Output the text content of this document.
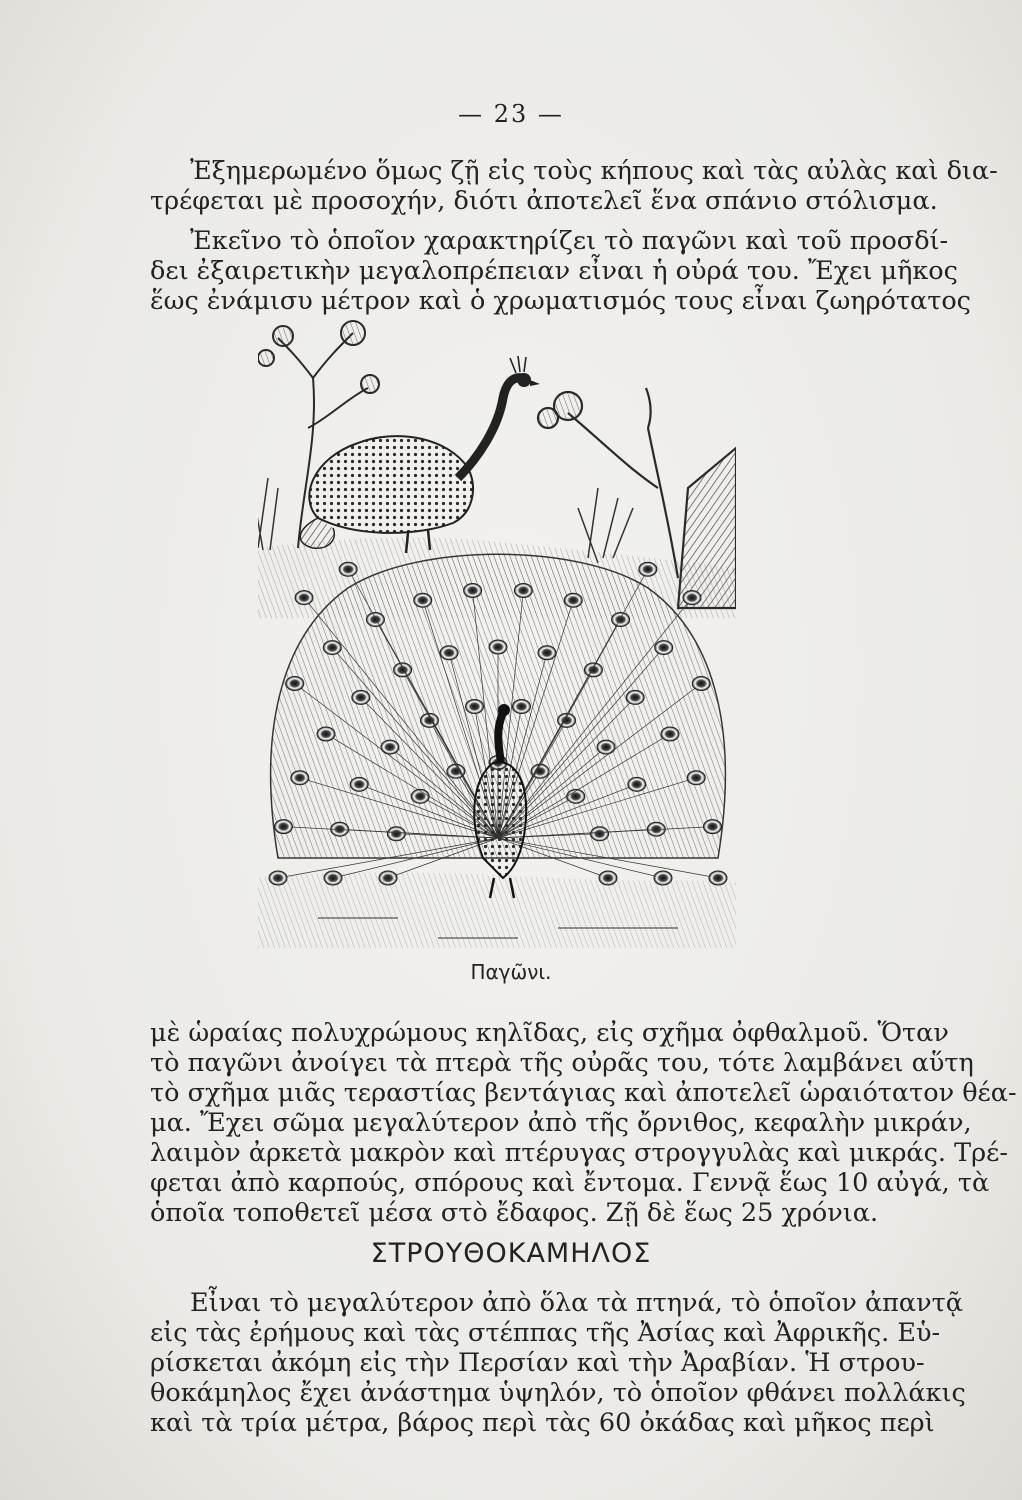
— 23 —
Ἐξημερωμένο ὅμως ζῇ εἰς τοὺς κήπους καὶ τὰς αὐλὰς καὶ δια-
τρέφεται μὲ προσοχήν, διότι ἀποτελεῖ ἕνα σπάνιο στόλισμα.
Ἐκεῖνο τὸ ὁποῖον χαρακτηρίζει τὸ παγῶνι καὶ τοῦ προσδί-
δει ἐξαιρετικὴν μεγαλοπρέπειαν εἶναι ἡ οὐρά του. Ἔχει μῆκος
ἕως ἐνάμισυ μέτρον καὶ ὁ χρωματισμός τους εἶναι ζωηρότατος
Παγῶνι.
μὲ ὡραίας πολυχρώμους κηλῖδας, εἰς σχῆμα ὀφθαλμοῦ. Ὅταν
τὸ παγῶνι ἀνοίγει τὰ πτερὰ τῆς οὐρᾶς του, τότε λαμβάνει αὕτη
τὸ σχῆμα μιᾶς τεραστίας βεντάγιας καὶ ἀποτελεῖ ὡραιότατον θέα-
μα. Ἔχει σῶμα μεγαλύτερον ἀπὸ τῆς ὄρνιθος, κεφαλὴν μικράν,
λαιμὸν ἀρκετὰ μακρὸν καὶ πτέρυγας στρογγυλὰς καὶ μικράς. Τρέ-
φεται ἀπὸ καρπούς, σπόρους καὶ ἔντομα. Γεννᾷ ἕως 10 αὐγά, τὰ
ὁποῖα τοποθετεῖ μέσα στὸ ἔδαφος. Ζῇ δὲ ἕως 25 χρόνια.
ΣΤΡΟΥΘΟΚΑΜΗΛΟΣ
Εἶναι τὸ μεγαλύτερον ἀπὸ ὅλα τὰ πτηνά, τὸ ὁποῖον ἀπαντᾷ
εἰς τὰς ἐρήμους καὶ τὰς στέππας τῆς Ἀσίας καὶ Ἀφρικῆς. Εὑ-
ρίσκεται ἀκόμη εἰς τὴν Περσίαν καὶ τὴν Ἀραβίαν. Ἡ στρου-
θοκάμηλος ἔχει ἀνάστημα ὑψηλόν, τὸ ὁποῖον φθάνει πολλάκις
καὶ τὰ τρία μέτρα, βάρος περὶ τὰς 60 ὀκάδας καὶ μῆκος περὶ
